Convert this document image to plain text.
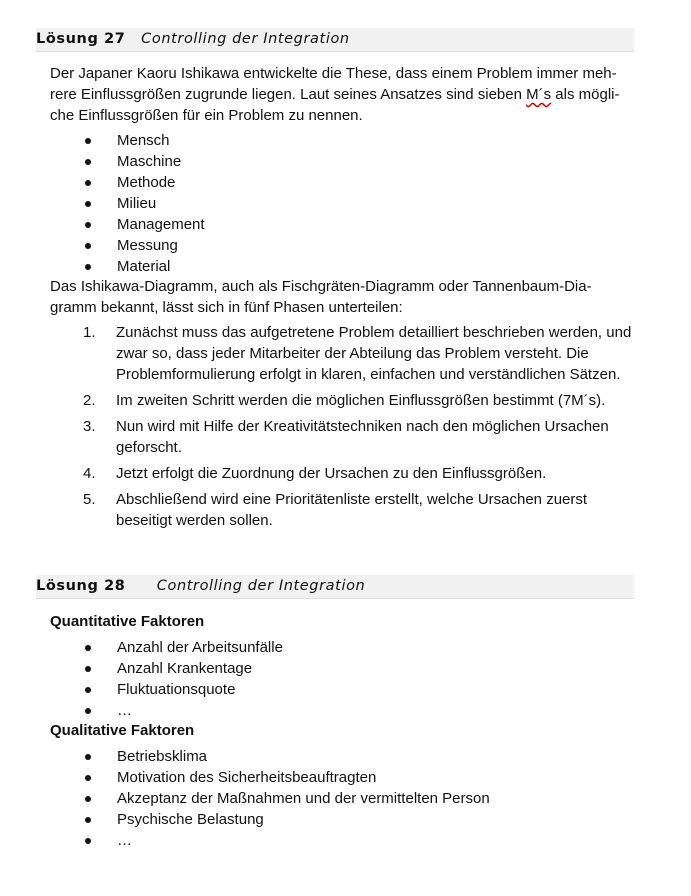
Lösung 27 Controlling der Integration
Der Japaner Kaoru Ishikawa entwickelte die These, dass einem Problem immer meh-
rere Einflussgrößen zugrunde liegen. Laut seines Ansatzes sind sieben M´s als mögli-
che Einflussgrößen für ein Problem zu nennen.
Mensch
Maschine
Methode
Milieu
Management
Messung
Material
Das Ishikawa-Diagramm, auch als Fischgräten-Diagramm oder Tannenbaum-Dia-
gramm bekannt, lässt sich in fünf Phasen unterteilen:
1. Zunächst muss das aufgetretene Problem detailliert beschrieben werden, und zwar so, dass jeder Mitarbeiter der Abteilung das Problem versteht. Die Problemformulierung erfolgt in klaren, einfachen und verständlichen Sätzen.
2. Im zweiten Schritt werden die möglichen Einflussgrößen bestimmt (7M´s).
3. Nun wird mit Hilfe der Kreativitätstechniken nach den möglichen Ursachen geforscht.
4. Jetzt erfolgt die Zuordnung der Ursachen zu den Einflussgrößen.
5. Abschließend wird eine Prioritätenliste erstellt, welche Ursachen zuerst beseitigt werden sollen.
Lösung 28 Controlling der Integration
Quantitative Faktoren
Anzahl der Arbeitsunfälle
Anzahl Krankentage
Fluktuationsquote
…
Qualitative Faktoren
Betriebsklima
Motivation des Sicherheitsbeauftragten
Akzeptanz der Maßnahmen und der vermittelten Person
Psychische Belastung
…
